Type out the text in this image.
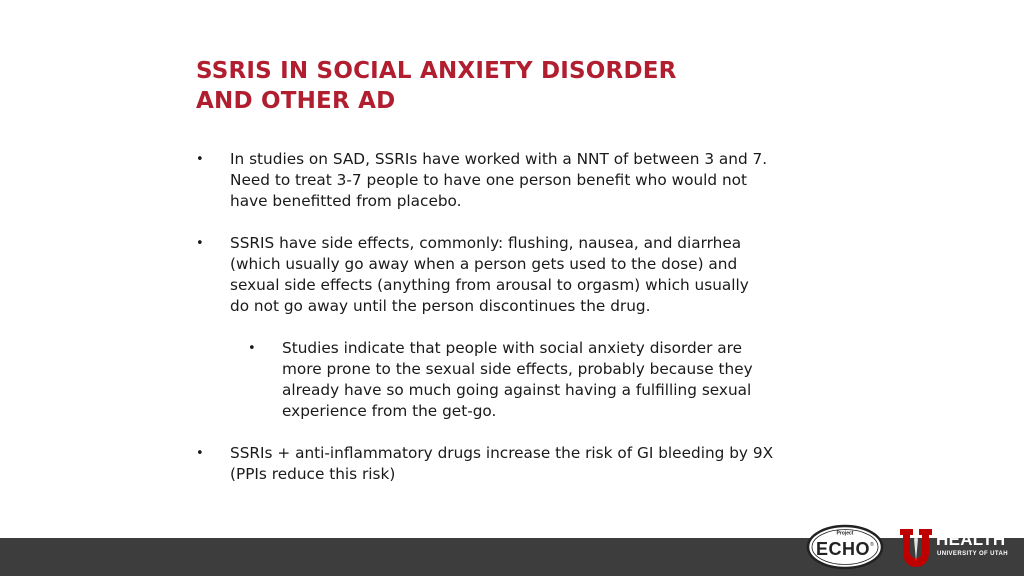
SSRIS IN SOCIAL ANXIETY DISORDER
AND OTHER AD
•	In studies on SAD, SSRIs have worked with a NNT of between 3 and 7.
Need to treat 3-7 people to have one person benefit who would not
have benefitted from placebo.
•	SSRIS have side effects, commonly: flushing, nausea, and diarrhea
(which usually go away when a person gets used to the dose) and
sexual side effects (anything from arousal to orgasm) which usually
do not go away until the person discontinues the drug.
•	Studies indicate that people with social anxiety disorder are
more prone to the sexual side effects, probably because they
already have so much going against having a fulfilling sexual
experience from the get-go.
•	SSRIs + anti-inflammatory drugs increase the risk of GI bleeding by 9X
(PPIs reduce this risk)
Project
ECHO ®	HEALTH
UNIVERSITY OF UTAH
